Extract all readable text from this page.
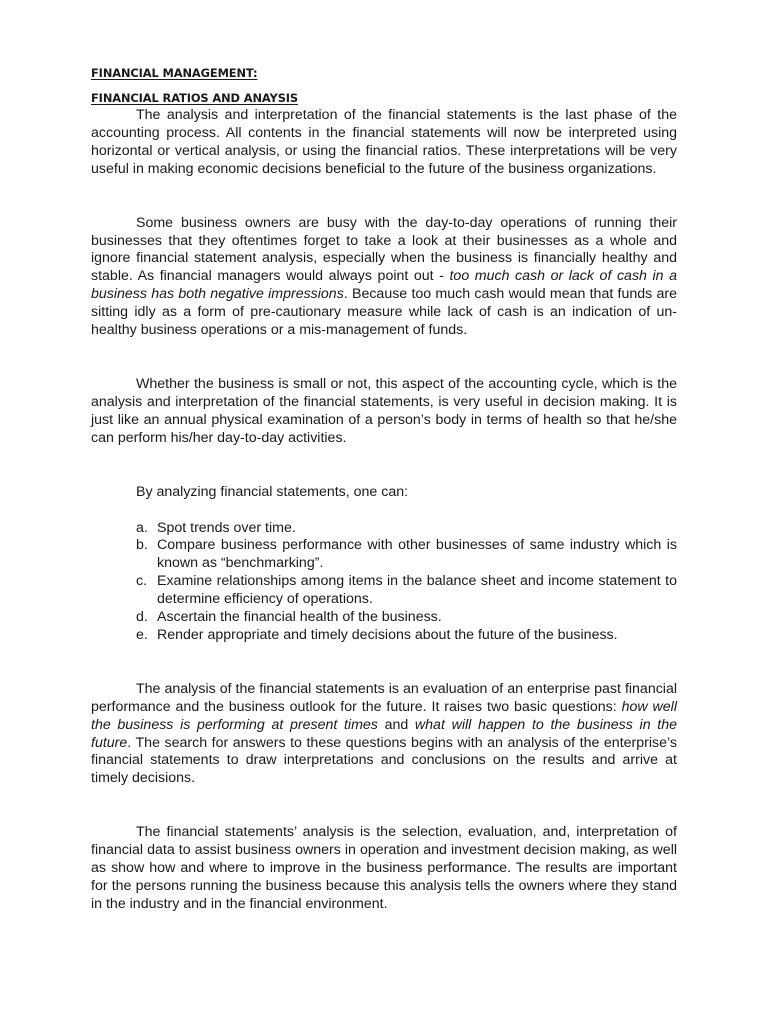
FINANCIAL MANAGEMENT:
FINANCIAL RATIOS AND ANAYSIS

The analysis and interpretation of the financial statements is the last phase of the accounting process. All contents in the financial statements will now be interpreted using horizontal or vertical analysis, or using the financial ratios. These interpretations will be very useful in making economic decisions beneficial to the future of the business organizations.

Some business owners are busy with the day-to-day operations of running their businesses that they oftentimes forget to take a look at their businesses as a whole and ignore financial statement analysis, especially when the business is financially healthy and stable. As financial managers would always point out - too much cash or lack of cash in a business has both negative impressions. Because too much cash would mean that funds are sitting idly as a form of pre-cautionary measure while lack of cash is an indication of un-healthy business operations or a mis-management of funds.

Whether the business is small or not, this aspect of the accounting cycle, which is the analysis and interpretation of the financial statements, is very useful in decision making. It is just like an annual physical examination of a person’s body in terms of health so that he/she can perform his/her day-to-day activities.

By analyzing financial statements, one can:

a. Spot trends over time.
b. Compare business performance with other businesses of same industry which is known as “benchmarking”.
c. Examine relationships among items in the balance sheet and income statement to determine efficiency of operations.
d. Ascertain the financial health of the business.
e. Render appropriate and timely decisions about the future of the business.

The analysis of the financial statements is an evaluation of an enterprise past financial performance and the business outlook for the future. It raises two basic questions: how well the business is performing at present times and what will happen to the business in the future. The search for answers to these questions begins with an analysis of the enterprise’s financial statements to draw interpretations and conclusions on the results and arrive at timely decisions.

The financial statements’ analysis is the selection, evaluation, and, interpretation of financial data to assist business owners in operation and investment decision making, as well as show how and where to improve in the business performance. The results are important for the persons running the business because this analysis tells the owners where they stand in the industry and in the financial environment.
